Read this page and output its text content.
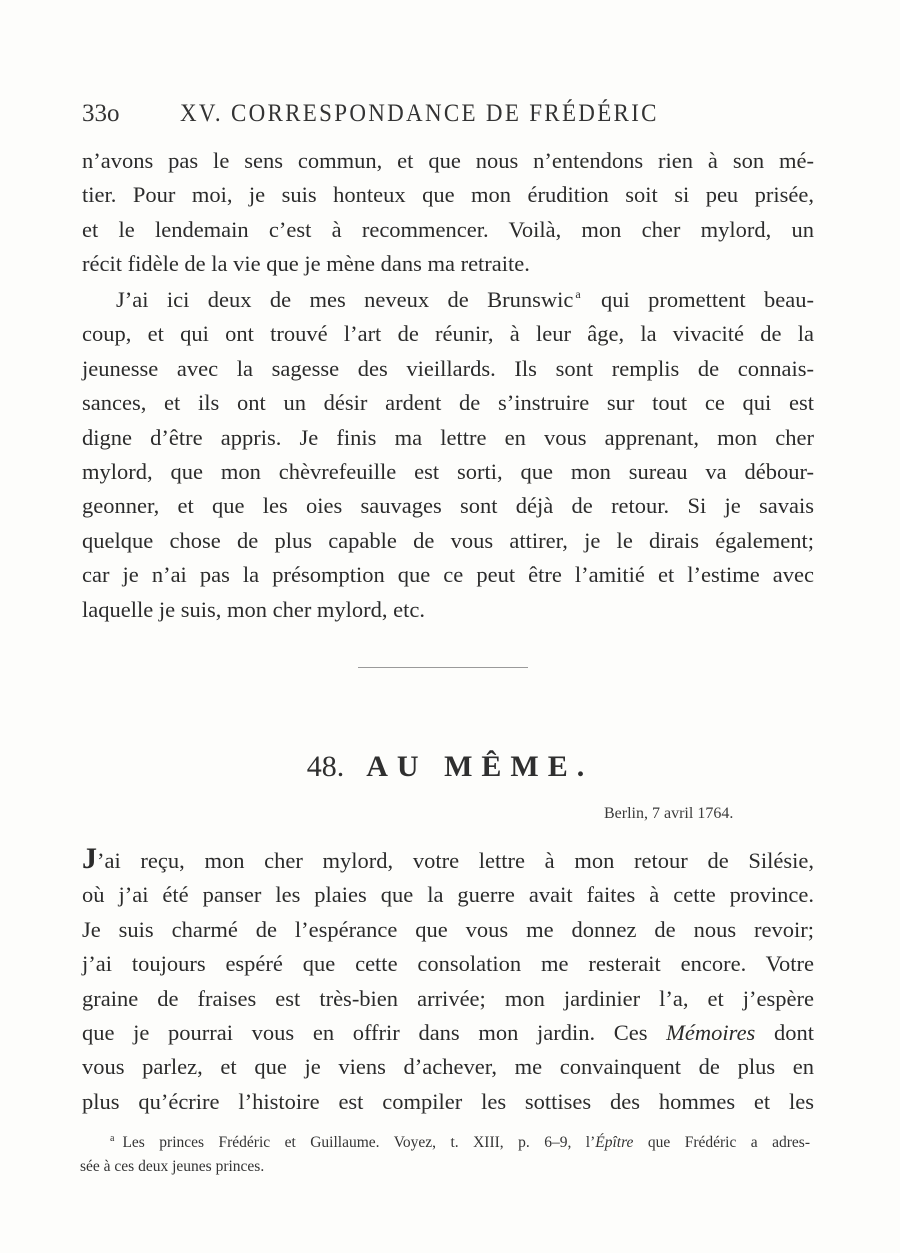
33o XV. CORRESPONDANCE DE FRÉDÉRIC
n’avons pas le sens commun, et que nous n’entendons rien à son mé-
tier. Pour moi, je suis honteux que mon érudition soit si peu prisée,
et le lendemain c’est à recommencer. Voilà, mon cher mylord, un
récit fidèle de la vie que je mène dans ma retraite.
J’ai ici deux de mes neveux de Brunswic $^a$ qui promettent beau-
coup, et qui ont trouvé l’art de réunir, à leur âge, la vivacité de la
jeunesse avec la sagesse des vieillards. Ils sont remplis de connais-
sances, et ils ont un désir ardent de s’instruire sur tout ce qui est
digne d’être appris. Je finis ma lettre en vous apprenant, mon cher
mylord, que mon chèvrefeuille est sorti, que mon sureau va débour-
geonner, et que les oies sauvages sont déjà de retour. Si je savais
quelque chose de plus capable de vous attirer, je le dirais également;
car je n’ai pas la présomption que ce peut être l’amitié et l’estime avec
laquelle je suis, mon cher mylord, etc.
48. AU MÊME.
Berlin, 7 avril 1764.
J’ai reçu, mon cher mylord, votre lettre à mon retour de Silésie,
où j’ai été panser les plaies que la guerre avait faites à cette province.
Je suis charmé de l’espérance que vous me donnez de nous revoir;
j’ai toujours espéré que cette consolation me resterait encore. Votre
graine de fraises est très-bien arrivée; mon jardinier l’a, et j’espère
que je pourrai vous en offrir dans mon jardin. Ces Mémoires dont
vous parlez, et que je viens d’achever, me convainquent de plus en
plus qu’écrire l’histoire est compiler les sottises des hommes et les
$^a$ Les princes Frédéric et Guillaume. Voyez, t. XIII, p. 6–9, l’Épître que Frédéric a adres-
sée à ces deux jeunes princes.
